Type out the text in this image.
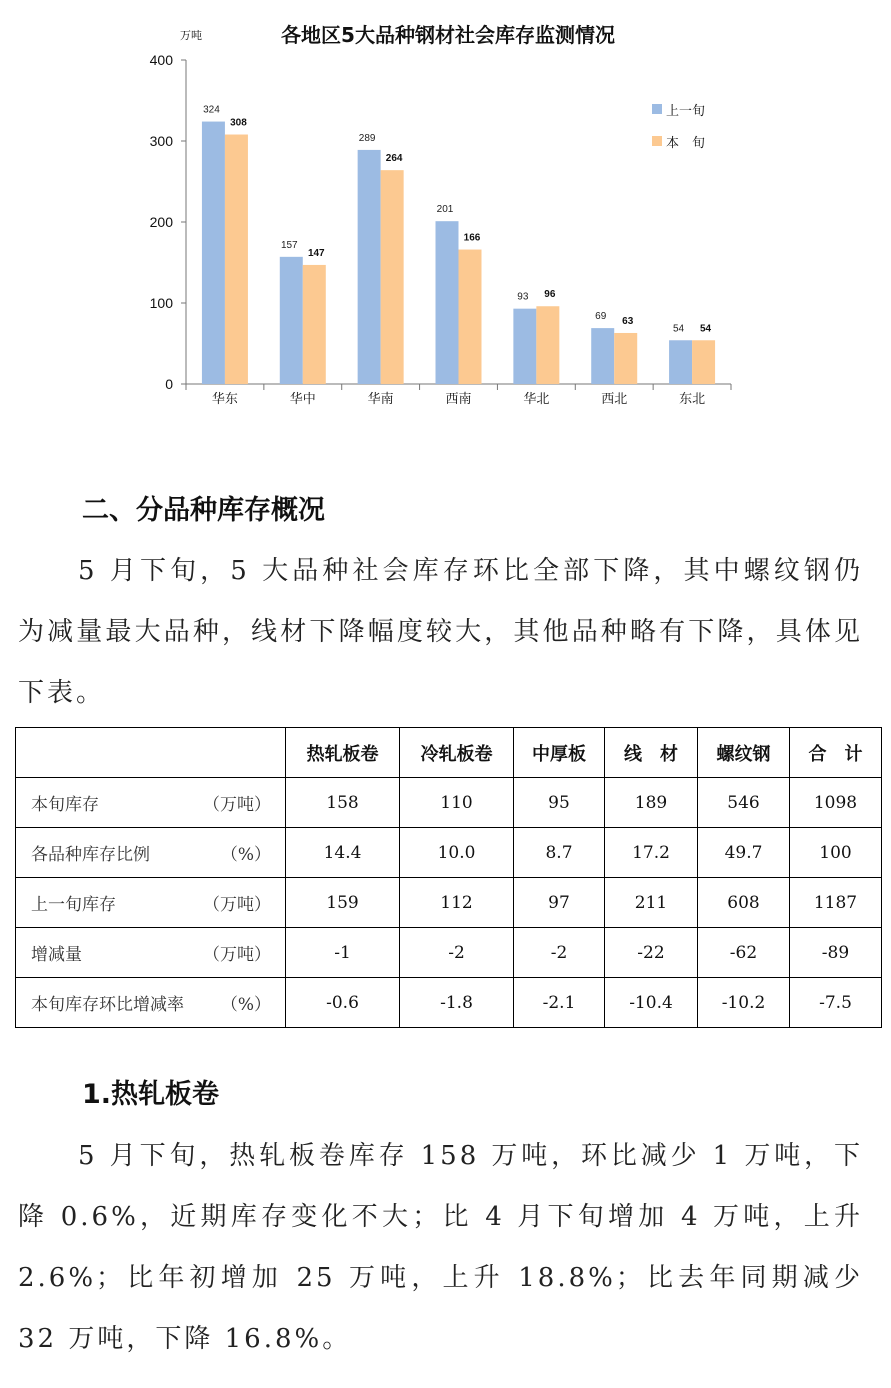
各地区5大品种钢材社会库存监测情况
万吨
0
100
200
300
400
华东
324
308
华中
157
147
华南
289
264
西南
201
166
华北
93 96
西北
69 63
东北
54 54
上一旬
本　旬
二、分品种库存概况

5 月下旬，5 大品种社会库存环比全部下降，其中螺纹钢仍为减量最大品种，线材下降幅度较大，其他品种略有下降，具体见下表。

	热轧板卷	冷轧板卷	中厚板	线　材	螺纹钢	合　计

本旬库存 （万吨）	158	110	95	189	546	1098

各品种库存比例 （%）	14.4	10.0	8.7	17.2	49.7	100

上一旬库存 （万吨）	159	112	97	211	608	1187

增减量 （万吨）	-1	-2	-2	-22	-62	-89

本旬库存环比增减率 （%）	-0.6	-1.8	-2.1	-10.4	-10.2	-7.5
1.热轧板卷

5 月下旬，热轧板卷库存 158 万吨，环比减少 1 万吨，下降 0.6%，近期库存变化不大；比 4 月下旬增加 4 万吨，上升 2.6%；比年初增加 25 万吨，上升 18.8%；比去年同期减少 32 万吨，下降 16.8%。
